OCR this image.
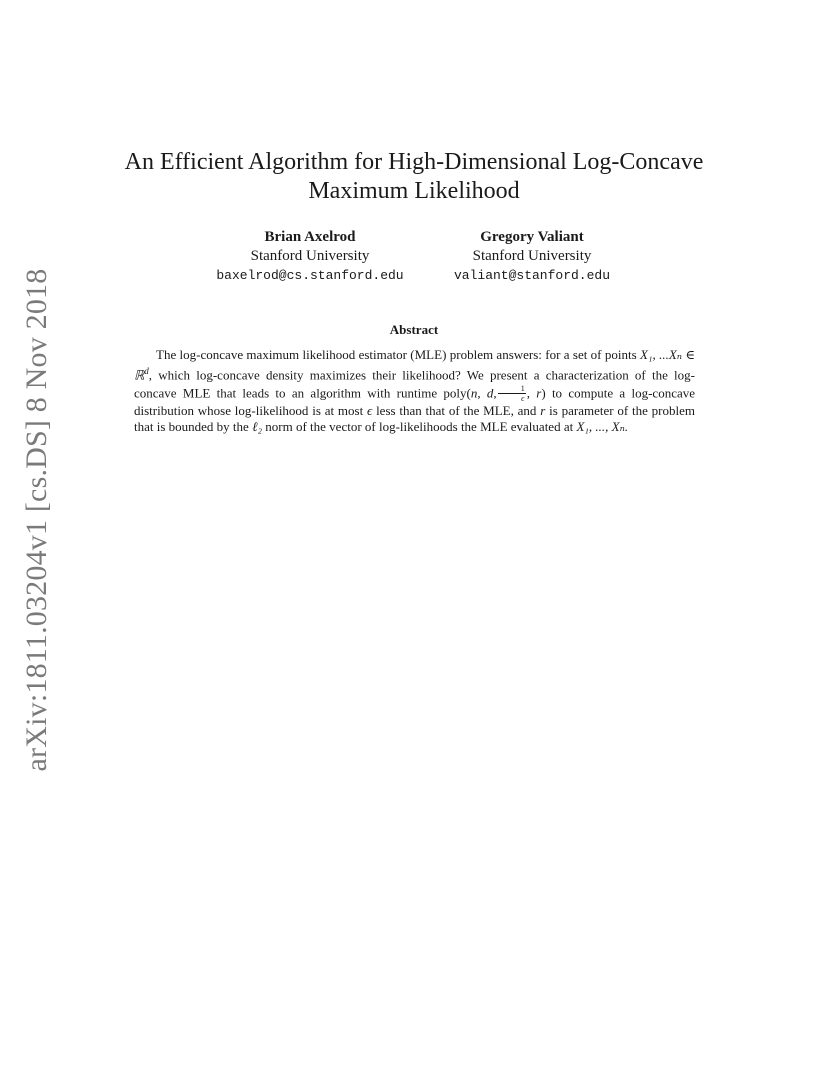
arXiv:1811.03204v1 [cs.DS] 8 Nov 2018
An Efficient Algorithm for High-Dimensional Log-Concave
Maximum Likelihood
Brian Axelrod
Stanford University
baxelrod@cs.stanford.edu
Gregory Valiant
Stanford University
valiant@stanford.edu
Abstract
The log-concave maximum likelihood estimator (MLE) problem answers: for a set of points X₁, ...Xₙ ∈ ℝ$^d$, which log-concave density maximizes their likelihood? We present a characterization of the log-concave MLE that leads to an algorithm with runtime poly(n, d, $\frac{1}{\epsilon}$ , r) to compute a log-concave distribution whose log-likelihood is at most ϵ less than that of the MLE, and r is parameter of the problem that is bounded by the ℓ₂ norm of the vector of log-likelihoods the MLE evaluated at X₁, ..., Xₙ.
